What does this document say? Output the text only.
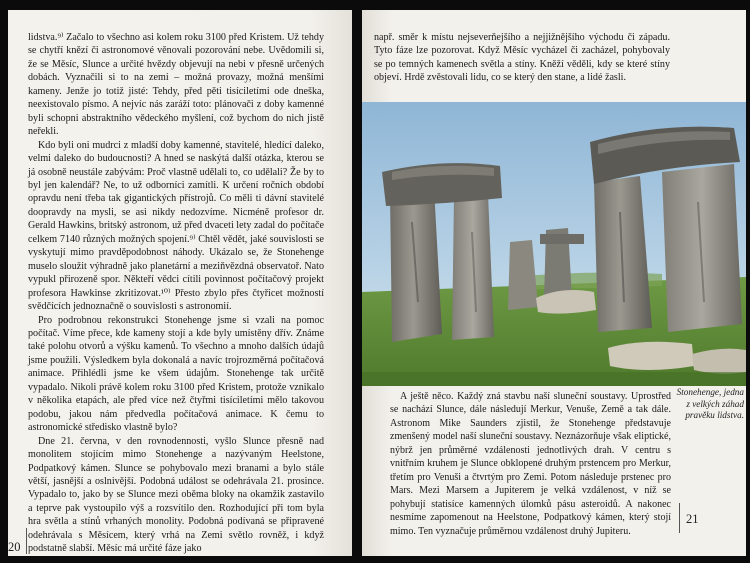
lidstva.⁹⁾ Začalo to všechno asi kolem roku 3100 před Kristem. Už tehdy se chytří knězí či astronomové věnovali pozorování nebe. Uvědomili si, že se Měsíc, Slunce a určité hvězdy objevují na nebi v přesně určených dobách. Vyznačili si to na zemi – možná provazy, možná menšími kameny. Jenže jo totiž jisté: Tehdy, před pěti tisíciletími ode dneška, neexistovalo písmo. A nejvíc nás zaráží toto: plánovači z doby kamenné byli schopni abstraktního vědeckého myšlení, což bychom do nich jistě neřekli.

Kdo byli oni mudrci z mladší doby kamenné, stavitelé, hledící daleko, velmi daleko do budoucnosti? A hned se naskýtá další otázka, kterou se já osobně neustále zabývám: Proč vlastně udělali to, co udělali? Že by to byl jen kalendář? Ne, to už odborníci zamítli. K určení ročních období opravdu není třeba tak gigantických přístrojů. Co měli ti dávní stavitelé doopravdy na mysli, se asi nikdy nedozvíme. Nicméně profesor dr. Gerald Hawkins, britský astronom, už před dvaceti lety zadal do počítače celkem 7140 různých možných spojení.⁹⁾ Chtěl vědět, jaké souvislosti se vyskytují mimo pravděpodobnost náhody. Ukázalo se, že Stonehenge muselo sloužit výhradně jako planetární a meziňvězdná observatoř. Nato vypukl přirozeně spor. Někteří vědci cítili povinnost počítačový projekt profesora Hawkinse zkritizovat.¹⁰⁾ Přesto zbylo přes čtyřicet možností svědčících jednoznačně o souvislosti s astronomií.

Pro podrobnou rekonstrukci Stonehenge jsme si vzali na pomoc počítač. Víme přece, kde kameny stojí a kde byly umístěny dřív. Známe také polohu otvorů a výšku kamenů. To všechno a mnoho dalších údajů jsme použili. Výsledkem byla dokonalá a navíc trojrozměrná počítačová animace. Přihlédli jsme ke všem údajům. Stonehenge tak určitě vypadalo. Nikoli právě kolem roku 3100 před Kristem, protože vznikalo v několika etapách, ale před více než čtyřmi tisíciletími mělo takovou podobu, jakou nám předvedla počítačová animace. K čemu to astronomické středisko vlastně bylo?

Dne 21. června, v den rovnodennosti, vyšlo Slunce přesně nad monolitem stojícím mimo Stonehenge a nazývaným Heelstone, Podpatkový kámen. Slunce se pohybovalo mezi branami a bylo stále větší, jasnější a oslnivější. Podobná událost se odehrávala 21. prosince. Vypadalo to, jako by se Slunce mezi oběma bloky na okamžik zastavilo a teprve pak vystoupilo výš a rozsvítilo den. Rozhodující při tom byla hra světla a stínů vrhaných monolity. Podobná podívaná se připravené odehrávala s Měsícem, který vrhá na Zemi světlo rovněž, i když podstatně slabší. Měsíc má určité fáze jako

20

např. směr k místu nejseverňejšího a nejjižnějšího východu či západu. Tyto fáze lze pozorovat. Když Měsíc vycházel či zacházel, pohybovaly se po temných kamenech světla a stíny. Kněží věděli, kdy se které stíny objeví. Hrdě zvěstovali lidu, co se který den stane, a lidé žasli.

Stonehenge, jedna z velkých záhad pravěku lidstva.

A ještě něco. Každý zná stavbu naší sluneční soustavy. Uprostřed se nachází Slunce, dále následují Merkur, Venuše, Země a tak dále. Astronom Mike Saunders zjistil, že Stonehenge představuje zmenšený model naší sluneční soustavy. Neznázorňuje však eliptické, nýbrž jen průměrné vzdálenosti jednotlivých drah. V centru s vnitřním kruhem je Slunce obklopené druhým prstencem pro Merkur, třetím pro Venuši a čtvrtým pro Zemi. Potom následuje prstenec pro Mars. Mezi Marsem a Jupiterem je velká vzdálenost, v níž se pohybují statisíce kamenných úlomků pásu asteroidů. A nakonec nesmíme zapomenout na Heelstone, Podpatkový kámen, který stojí mimo. Ten vyznačuje průměrnou vzdálenost druhý Jupiteru.

21
